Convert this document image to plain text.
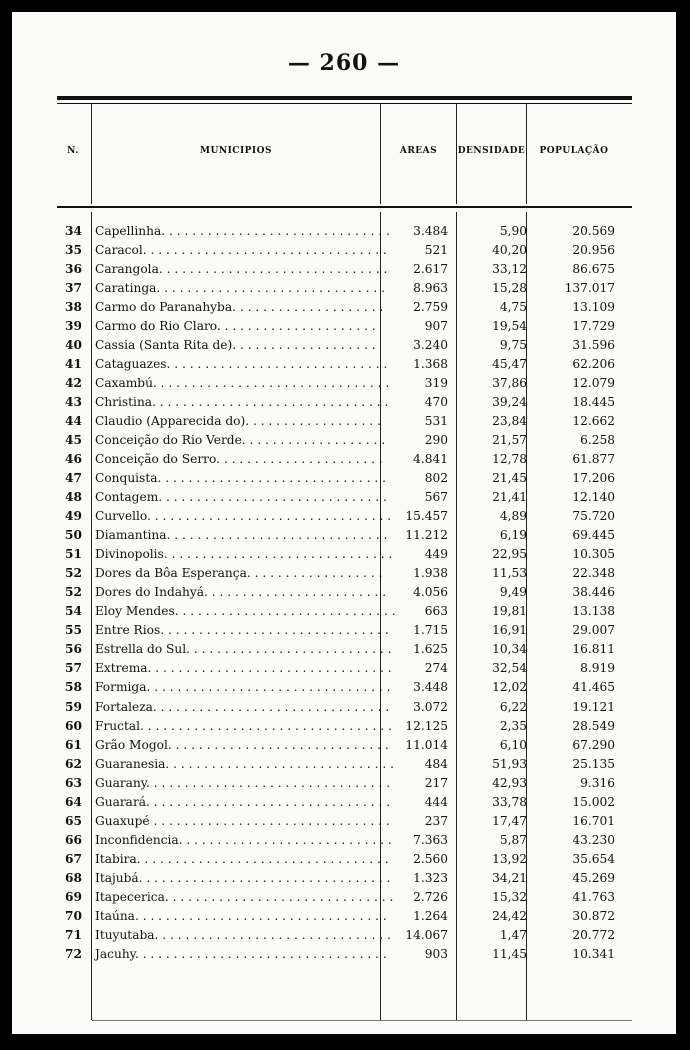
— 260 —
N.	MUNICIPIOS	AREAS	DENSIDADE	POPULAÇÃO
34 Capellinha. . . . . . . . . . . . . . . . . . . . . . . . . . . . . .	3.484	5,90	20.569
35 Caracol. . . . . . . . . . . . . . . . . . . . . . . . . . . . . . . .	521	40,20	20.956
36 Carangola. . . . . . . . . . . . . . . . . . . . . . . . . . . . . .	2.617	33,12	86.675
37 Caratinga. . . . . . . . . . . . . . . . . . . . . . . . . . . . . .	8.963	15,28	137.017
38 Carmo do Paranahyba. . . . . . . . . . . . . . . . . . . .	2.759	4,75	13.109
39 Carmo do Rio Claro. . . . . . . . . . . . . . . . . . . . .	907	19,54	17.729
40 Cassia (Santa Rita de). . . . . . . . . . . . . . . . . . .	3.240	9,75	31.596
41 Cataguazes. . . . . . . . . . . . . . . . . . . . . . . . . . . . .	1.368	45,47	62.206
42 Caxambú. . . . . . . . . . . . . . . . . . . . . . . . . . . . . . .	319	37,86	12.079
43 Christina. . . . . . . . . . . . . . . . . . . . . . . . . . . . . . .	470	39,24	18.445
44 Claudio (Apparecida do). . . . . . . . . . . . . . . . . .	531	23,84	12.662
45 Conceição do Rio Verde. . . . . . . . . . . . . . . . . . .	290	21,57	6.258
46 Conceição do Serro. . . . . . . . . . . . . . . . . . . . . .	4.841	12,78	61.877
47 Conquista. . . . . . . . . . . . . . . . . . . . . . . . . . . . . .	802	21,45	17.206
48 Contagem. . . . . . . . . . . . . . . . . . . . . . . . . . . . . .	567	21,41	12.140
49 Curvello. . . . . . . . . . . . . . . . . . . . . . . . . . . . . . . .	15.457	4,89	75.720
50 Diamantina. . . . . . . . . . . . . . . . . . . . . . . . . . . . .	11.212	6,19	69.445
51 Divinopolis. . . . . . . . . . . . . . . . . . . . . . . . . . . . . .	449	22,95	10.305
52 Dores da Bôa Esperança. . . . . . . . . . . . . . . . . .	1.938	11,53	22.348
52 Dores do Indahyá. . . . . . . . . . . . . . . . . . . . . . . .	4.056	9,49	38.446
54 Eloy Mendes. . . . . . . . . . . . . . . . . . . . . . . . . . . . .	663	19,81	13.138
55 Entre Rios. . . . . . . . . . . . . . . . . . . . . . . . . . . . . .	1.715	16,91	29.007
56 Estrella do Sul. . . . . . . . . . . . . . . . . . . . . . . . . . .	1.625	10,34	16.811
57 Extrema. . . . . . . . . . . . . . . . . . . . . . . . . . . . . . . .	274	32,54	8.919
58 Formiga. . . . . . . . . . . . . . . . . . . . . . . . . . . . . . . .	3.448	12,02	41.465
59 Fortaleza. . . . . . . . . . . . . . . . . . . . . . . . . . . . . . .	3.072	6,22	19.121
60 Fructal. . . . . . . . . . . . . . . . . . . . . . . . . . . . . . . . .	12.125	2,35	28.549
61 Grão Mogol. . . . . . . . . . . . . . . . . . . . . . . . . . . . .	11.014	6,10	67.290
62 Guaranesia. . . . . . . . . . . . . . . . . . . . . . . . . . . . . .	484	51,93	25.135
63 Guarany. . . . . . . . . . . . . . . . . . . . . . . . . . . . . . . .	217	42,93	9.316
64 Guarará. . . . . . . . . . . . . . . . . . . . . . . . . . . . . . . .	444	33,78	15.002
65 Guaxupé . . . . . . . . . . . . . . . . . . . . . . . . . . . . . . .	237	17,47	16.701
66 Inconfidencia. . . . . . . . . . . . . . . . . . . . . . . . . . . .	7.363	5,87	43.230
67 Itabira. . . . . . . . . . . . . . . . . . . . . . . . . . . . . . . . .	2.560	13,92	35.654
68 Itajubá. . . . . . . . . . . . . . . . . . . . . . . . . . . . . . . . .	1.323	34,21	45.269
69 Itapecerica. . . . . . . . . . . . . . . . . . . . . . . . . . . . . .	2.726	15,32	41.763
70 Itaúna. . . . . . . . . . . . . . . . . . . . . . . . . . . . . . . . .	1.264	24,42	30.872
71 Ituyutaba. . . . . . . . . . . . . . . . . . . . . . . . . . . . . . .	14.067	1,47	20.772
72 Jacuhy. . . . . . . . . . . . . . . . . . . . . . . . . . . . . . . . .	903	11,45	10.341
